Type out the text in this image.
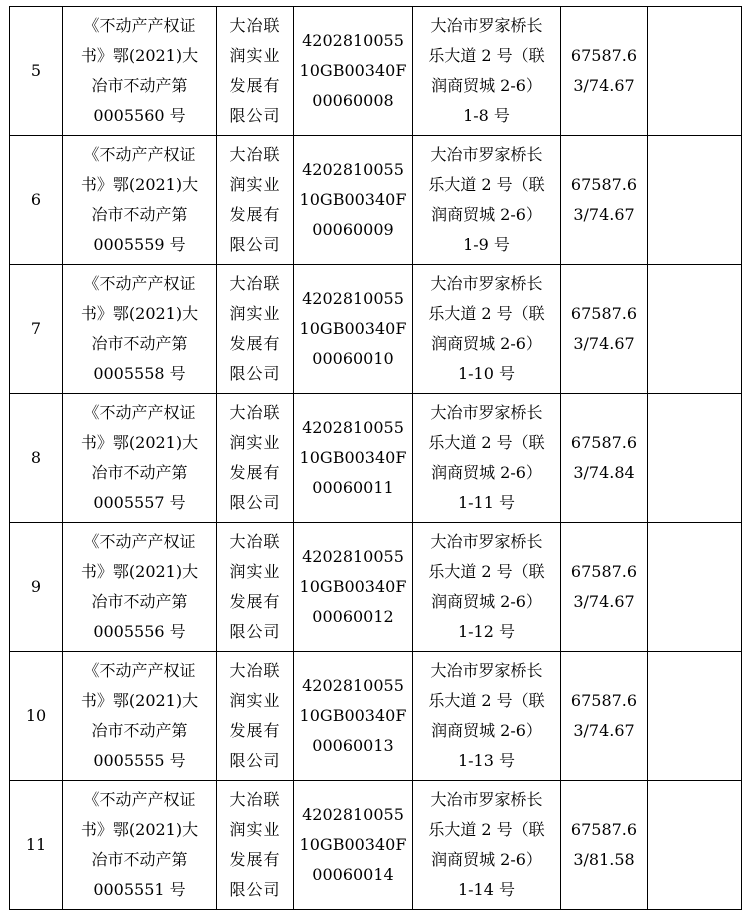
5	《不动产产权证
书》鄂(2021)大
冶市不动产第
0005560 号	大冶联
润实业
发展有
限公司	4202810055
10GB00340F
00060008	大冶市罗家桥长
乐大道 2 号（联
润商贸城 2-6）
1-8 号	67587.6
3/74.67	

6	《不动产产权证
书》鄂(2021)大
冶市不动产第
0005559 号	大冶联
润实业
发展有
限公司	4202810055
10GB00340F
00060009	大冶市罗家桥长
乐大道 2 号（联
润商贸城 2-6）
1-9 号	67587.6
3/74.67	

7	《不动产产权证
书》鄂(2021)大
冶市不动产第
0005558 号	大冶联
润实业
发展有
限公司	4202810055
10GB00340F
00060010	大冶市罗家桥长
乐大道 2 号（联
润商贸城 2-6）
1-10 号	67587.6
3/74.67	

8	《不动产产权证
书》鄂(2021)大
冶市不动产第
0005557 号	大冶联
润实业
发展有
限公司	4202810055
10GB00340F
00060011	大冶市罗家桥长
乐大道 2 号（联
润商贸城 2-6）
1-11 号	67587.6
3/74.84	

9	《不动产产权证
书》鄂(2021)大
冶市不动产第
0005556 号	大冶联
润实业
发展有
限公司	4202810055
10GB00340F
00060012	大冶市罗家桥长
乐大道 2 号（联
润商贸城 2-6）
1-12 号	67587.6
3/74.67	

10	《不动产产权证
书》鄂(2021)大
冶市不动产第
0005555 号	大冶联
润实业
发展有
限公司	4202810055
10GB00340F
00060013	大冶市罗家桥长
乐大道 2 号（联
润商贸城 2-6）
1-13 号	67587.6
3/74.67	

11	《不动产产权证
书》鄂(2021)大
冶市不动产第
0005551 号	大冶联
润实业
发展有
限公司	4202810055
10GB00340F
00060014	大冶市罗家桥长
乐大道 2 号（联
润商贸城 2-6）
1-14 号	67587.6
3/81.58	
